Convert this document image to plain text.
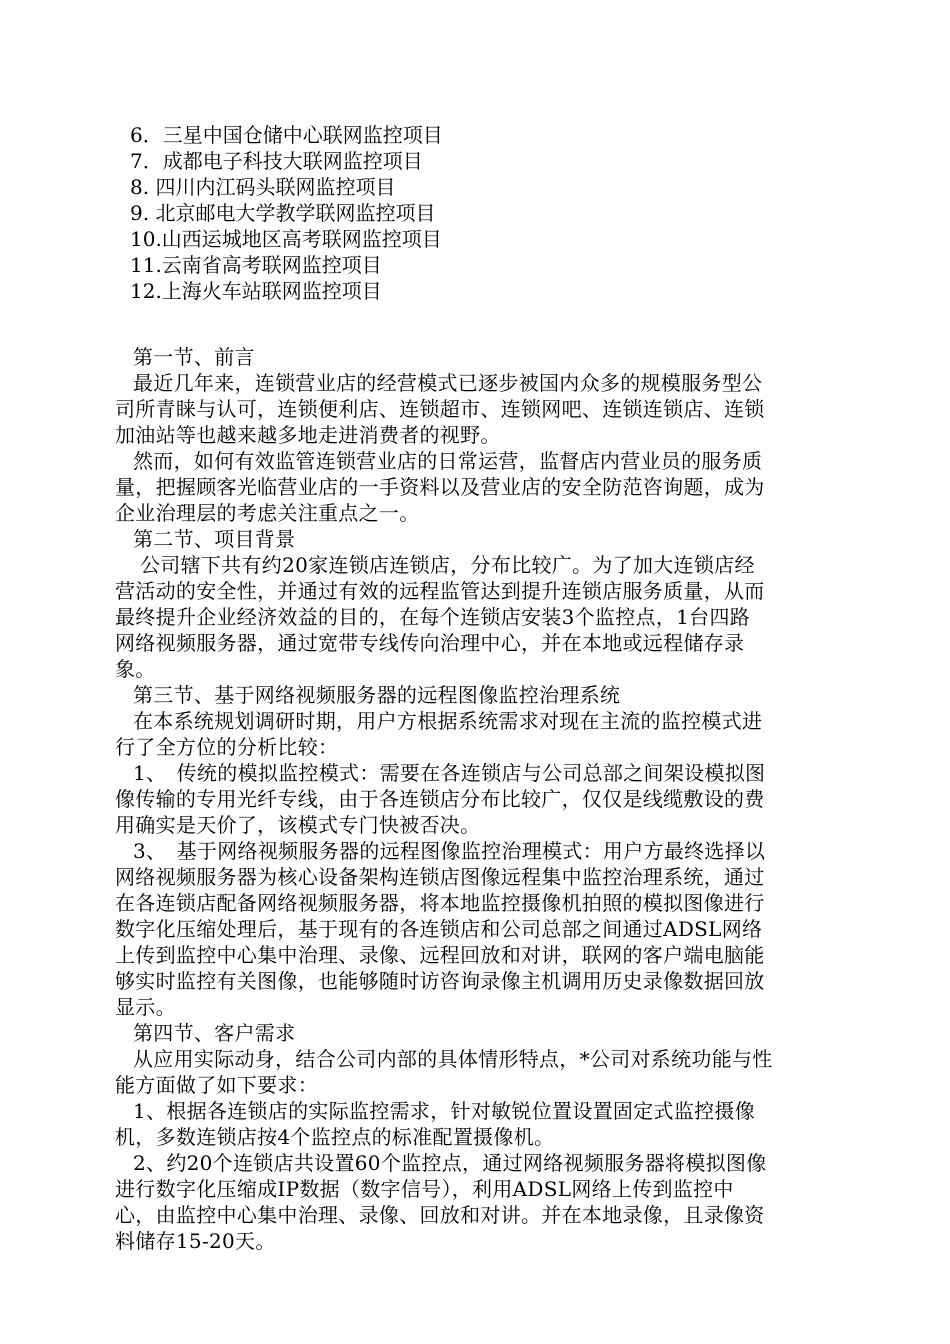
6．三星中国仓储中心联网监控项目
7．成都电子科技大联网监控项目
8. 四川内江码头联网监控项目
9. 北京邮电大学教学联网监控项目
10.山西运城地区高考联网监控项目
11.云南省高考联网监控项目
12.上海火车站联网监控项目
第一节、前言
最近几年来，连锁营业店的经营模式已逐步被国内众多的规模服务型公
司所青睐与认可，连锁便利店、连锁超市、连锁网吧、连锁连锁店、连锁
加油站等也越来越多地走进消费者的视野。
然而，如何有效监管连锁营业店的日常运营，监督店内营业员的服务质
量，把握顾客光临营业店的一手资料以及营业店的安全防范咨询题，成为
企业治理层的考虑关注重点之一。
第二节、项目背景
公司辖下共有约20家连锁店连锁店，分布比较广。为了加大连锁店经
营活动的安全性，并通过有效的远程监管达到提升连锁店服务质量，从而
最终提升企业经济效益的目的，在每个连锁店安装3个监控点，1台四路
网络视频服务器，通过宽带专线传向治理中心，并在本地或远程储存录
象。
第三节、基于网络视频服务器的远程图像监控治理系统
在本系统规划调研时期，用户方根据系统需求对现在主流的监控模式进
行了全方位的分析比较：
1、　传统的模拟监控模式：需要在各连锁店与公司总部之间架设模拟图
像传输的专用光纤专线，由于各连锁店分布比较广，仅仅是线缆敷设的费
用确实是天价了，该模式专门快被否决。
3、　基于网络视频服务器的远程图像监控治理模式：用户方最终选择以
网络视频服务器为核心设备架构连锁店图像远程集中监控治理系统，通过
在各连锁店配备网络视频服务器，将本地监控摄像机拍照的模拟图像进行
数字化压缩处理后，基于现有的各连锁店和公司总部之间通过ADSL网络
上传到监控中心集中治理、录像、远程回放和对讲，联网的客户端电脑能
够实时监控有关图像，也能够随时访咨询录像主机调用历史录像数据回放
显示。
第四节、客户需求
从应用实际动身，结合公司内部的具体情形特点，*公司对系统功能与性
能方面做了如下要求：
1、根据各连锁店的实际监控需求，针对敏锐位置设置固定式监控摄像
机，多数连锁店按4个监控点的标准配置摄像机。
2、约20个连锁店共设置60个监控点，通过网络视频服务器将模拟图像
进行数字化压缩成IP数据（数字信号），利用ADSL网络上传到监控中
心，由监控中心集中治理、录像、回放和对讲。并在本地录像，且录像资
料储存15-20天。
